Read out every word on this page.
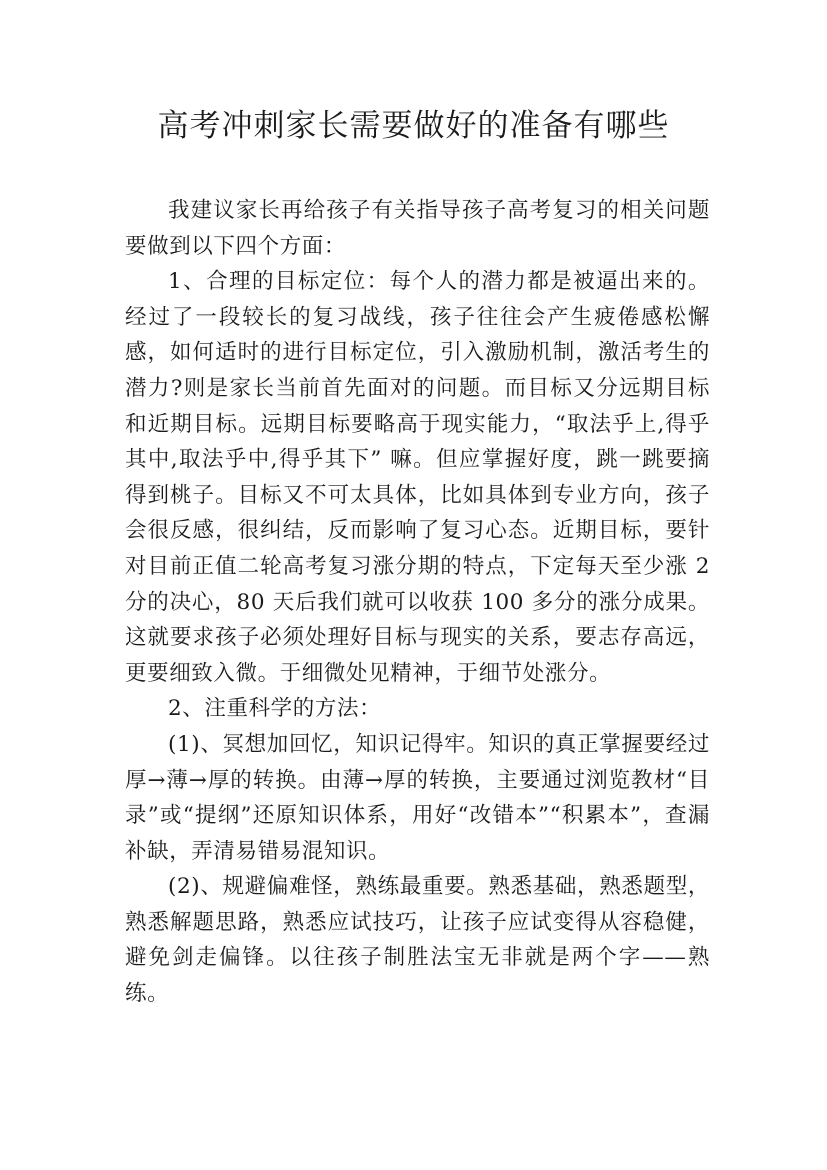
高考冲刺家长需要做好的准备有哪些

我建议家长再给孩子有关指导孩子高考复习的相关问题要做到以下四个方面：

1、合理的目标定位：每个人的潜力都是被逼出来的。经过了一段较长的复习战线，孩子往往会产生疲倦感松懈感，如何适时的进行目标定位，引入激励机制，激活考生的潜力?则是家长当前首先面对的问题。而目标又分远期目标和近期目标。远期目标要略高于现实能力，“取法乎上,得乎其中,取法乎中,得乎其下” 嘛。但应掌握好度，跳一跳要摘得到桃子。目标又不可太具体，比如具体到专业方向，孩子会很反感，很纠结，反而影响了复习心态。近期目标，要针对目前正值二轮高考复习涨分期的特点，下定每天至少涨 2 分的决心，80 天后我们就可以收获 100 多分的涨分成果。这就要求孩子必须处理好目标与现实的关系，要志存高远，更要细致入微。于细微处见精神，于细节处涨分。

2、注重科学的方法：

(1)、冥想加回忆，知识记得牢。知识的真正掌握要经过厚→薄→厚的转换。由薄→厚的转换，主要通过浏览教材“目录”或“提纲”还原知识体系，用好“改错本”“积累本”，查漏补缺，弄清易错易混知识。

(2)、规避偏难怪，熟练最重要。熟悉基础，熟悉题型，熟悉解题思路，熟悉应试技巧，让孩子应试变得从容稳健，避免剑走偏锋。以往孩子制胜法宝无非就是两个字——熟练。
